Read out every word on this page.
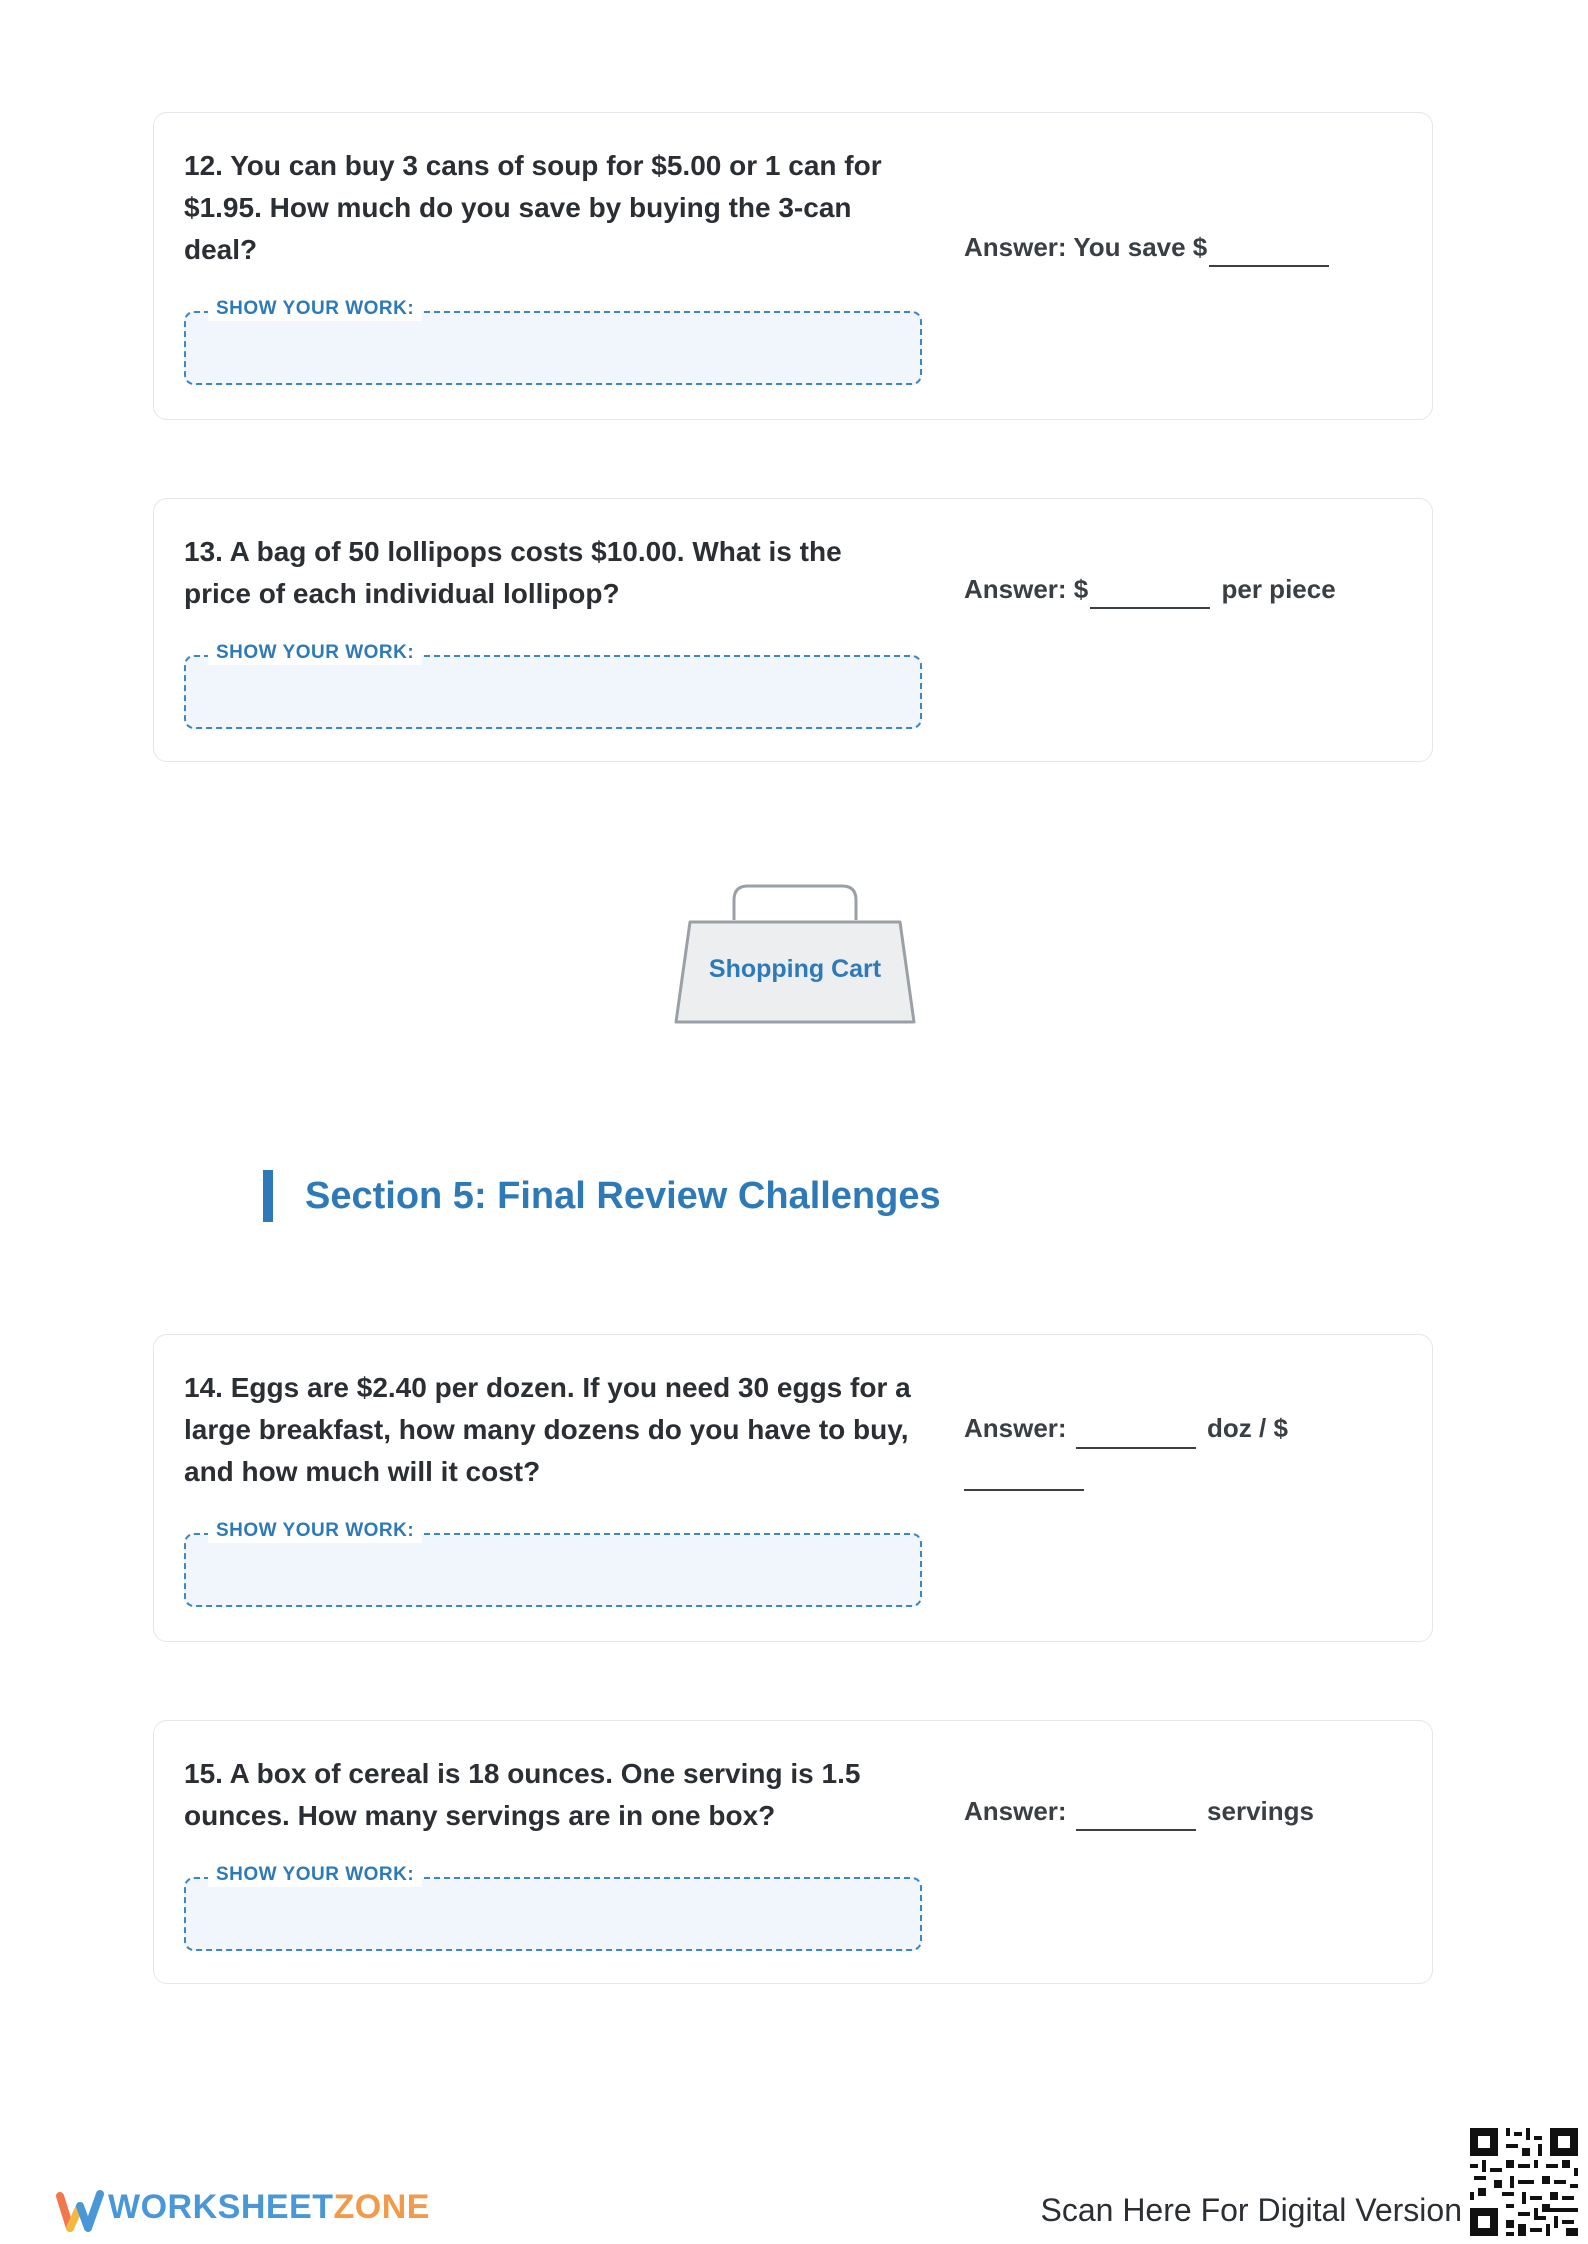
12. You can buy 3 cans of soup for $5.00 or 1 can for $1.95. How much do you save by buying the 3-can deal?
SHOW YOUR WORK:
Answer: You save $
13. A bag of 50 lollipops costs $10.00. What is the price of each individual lollipop?
SHOW YOUR WORK:
Answer: $	per piece
Shopping Cart
Section 5: Final Review Challenges
14. Eggs are $2.40 per dozen. If you need 30 eggs for a large breakfast, how many dozens do you have to buy, and how much will it cost?
SHOW YOUR WORK:
Answer:	doz / $

15. A box of cereal is 18 ounces. One serving is 1.5 ounces. How many servings are in one box?
SHOW YOUR WORK:
Answer:	servings
WORKSHEETZONE	Scan Here For Digital Version
